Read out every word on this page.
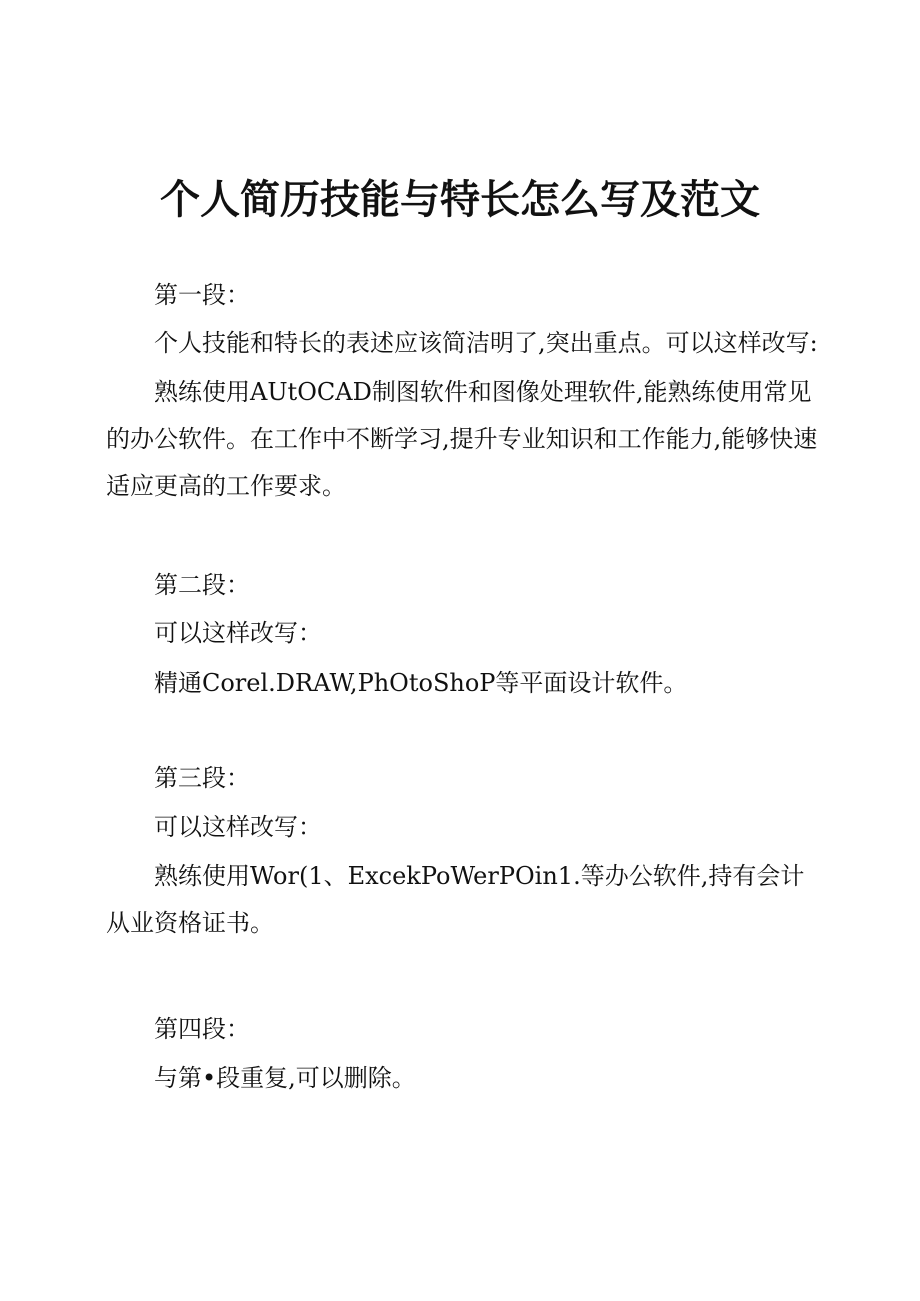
个人简历技能与特长怎么写及范文
第一段：
个人技能和特长的表述应该简洁明了,突出重点。可以这样改写:
熟练使用AUtOCAD制图软件和图像处理软件,能熟练使用常见的办公软件。在工作中不断学习,提升专业知识和工作能力,能够快速适应更高的工作要求。
第二段：
可以这样改写：
精通Corel.DRAW,PhOtoShoP等平面设计软件。
第三段：
可以这样改写：
熟练使用Wor(1、ExcekPoWerPOin1.等办公软件,持有会计从业资格证书。
第四段：
与第•段重复,可以删除。
